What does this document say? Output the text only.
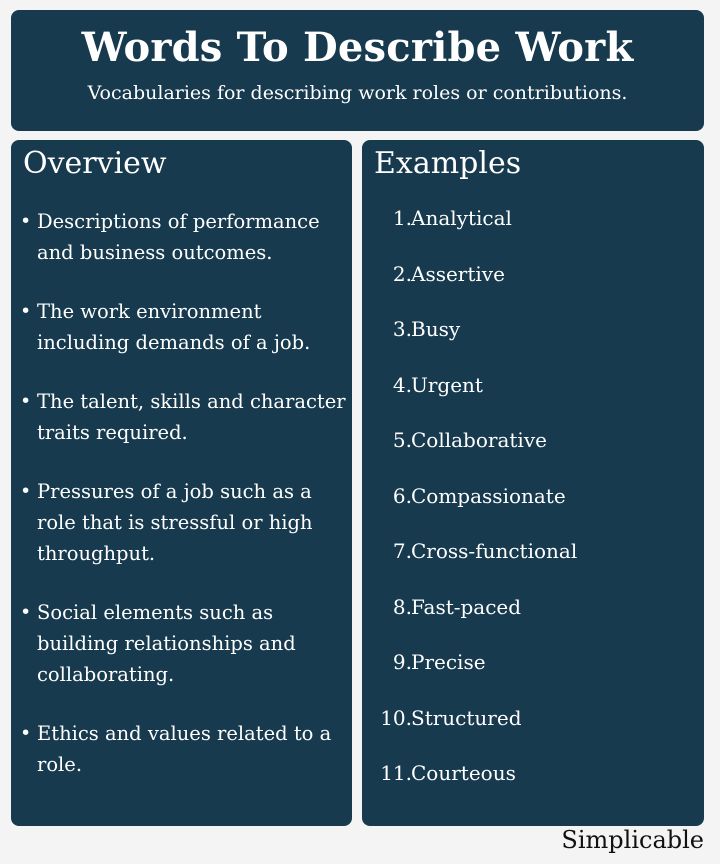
Words To Describe Work
Vocabularies for describing work roles or contributions.
Overview
• Descriptions of performance and business outcomes.
• The work environment including demands of a job.
• The talent, skills and character traits required.
• Pressures of a job such as a role that is stressful or high throughput.
• Social elements such as building relationships and collaborating.
• Ethics and values related to a role.
Examples
1. Analytical
2. Assertive
3. Busy
4. Urgent
5. Collaborative
6. Compassionate
7. Cross-functional
8. Fast-paced
9. Precise
10. Structured
11. Courteous
Simplicable
